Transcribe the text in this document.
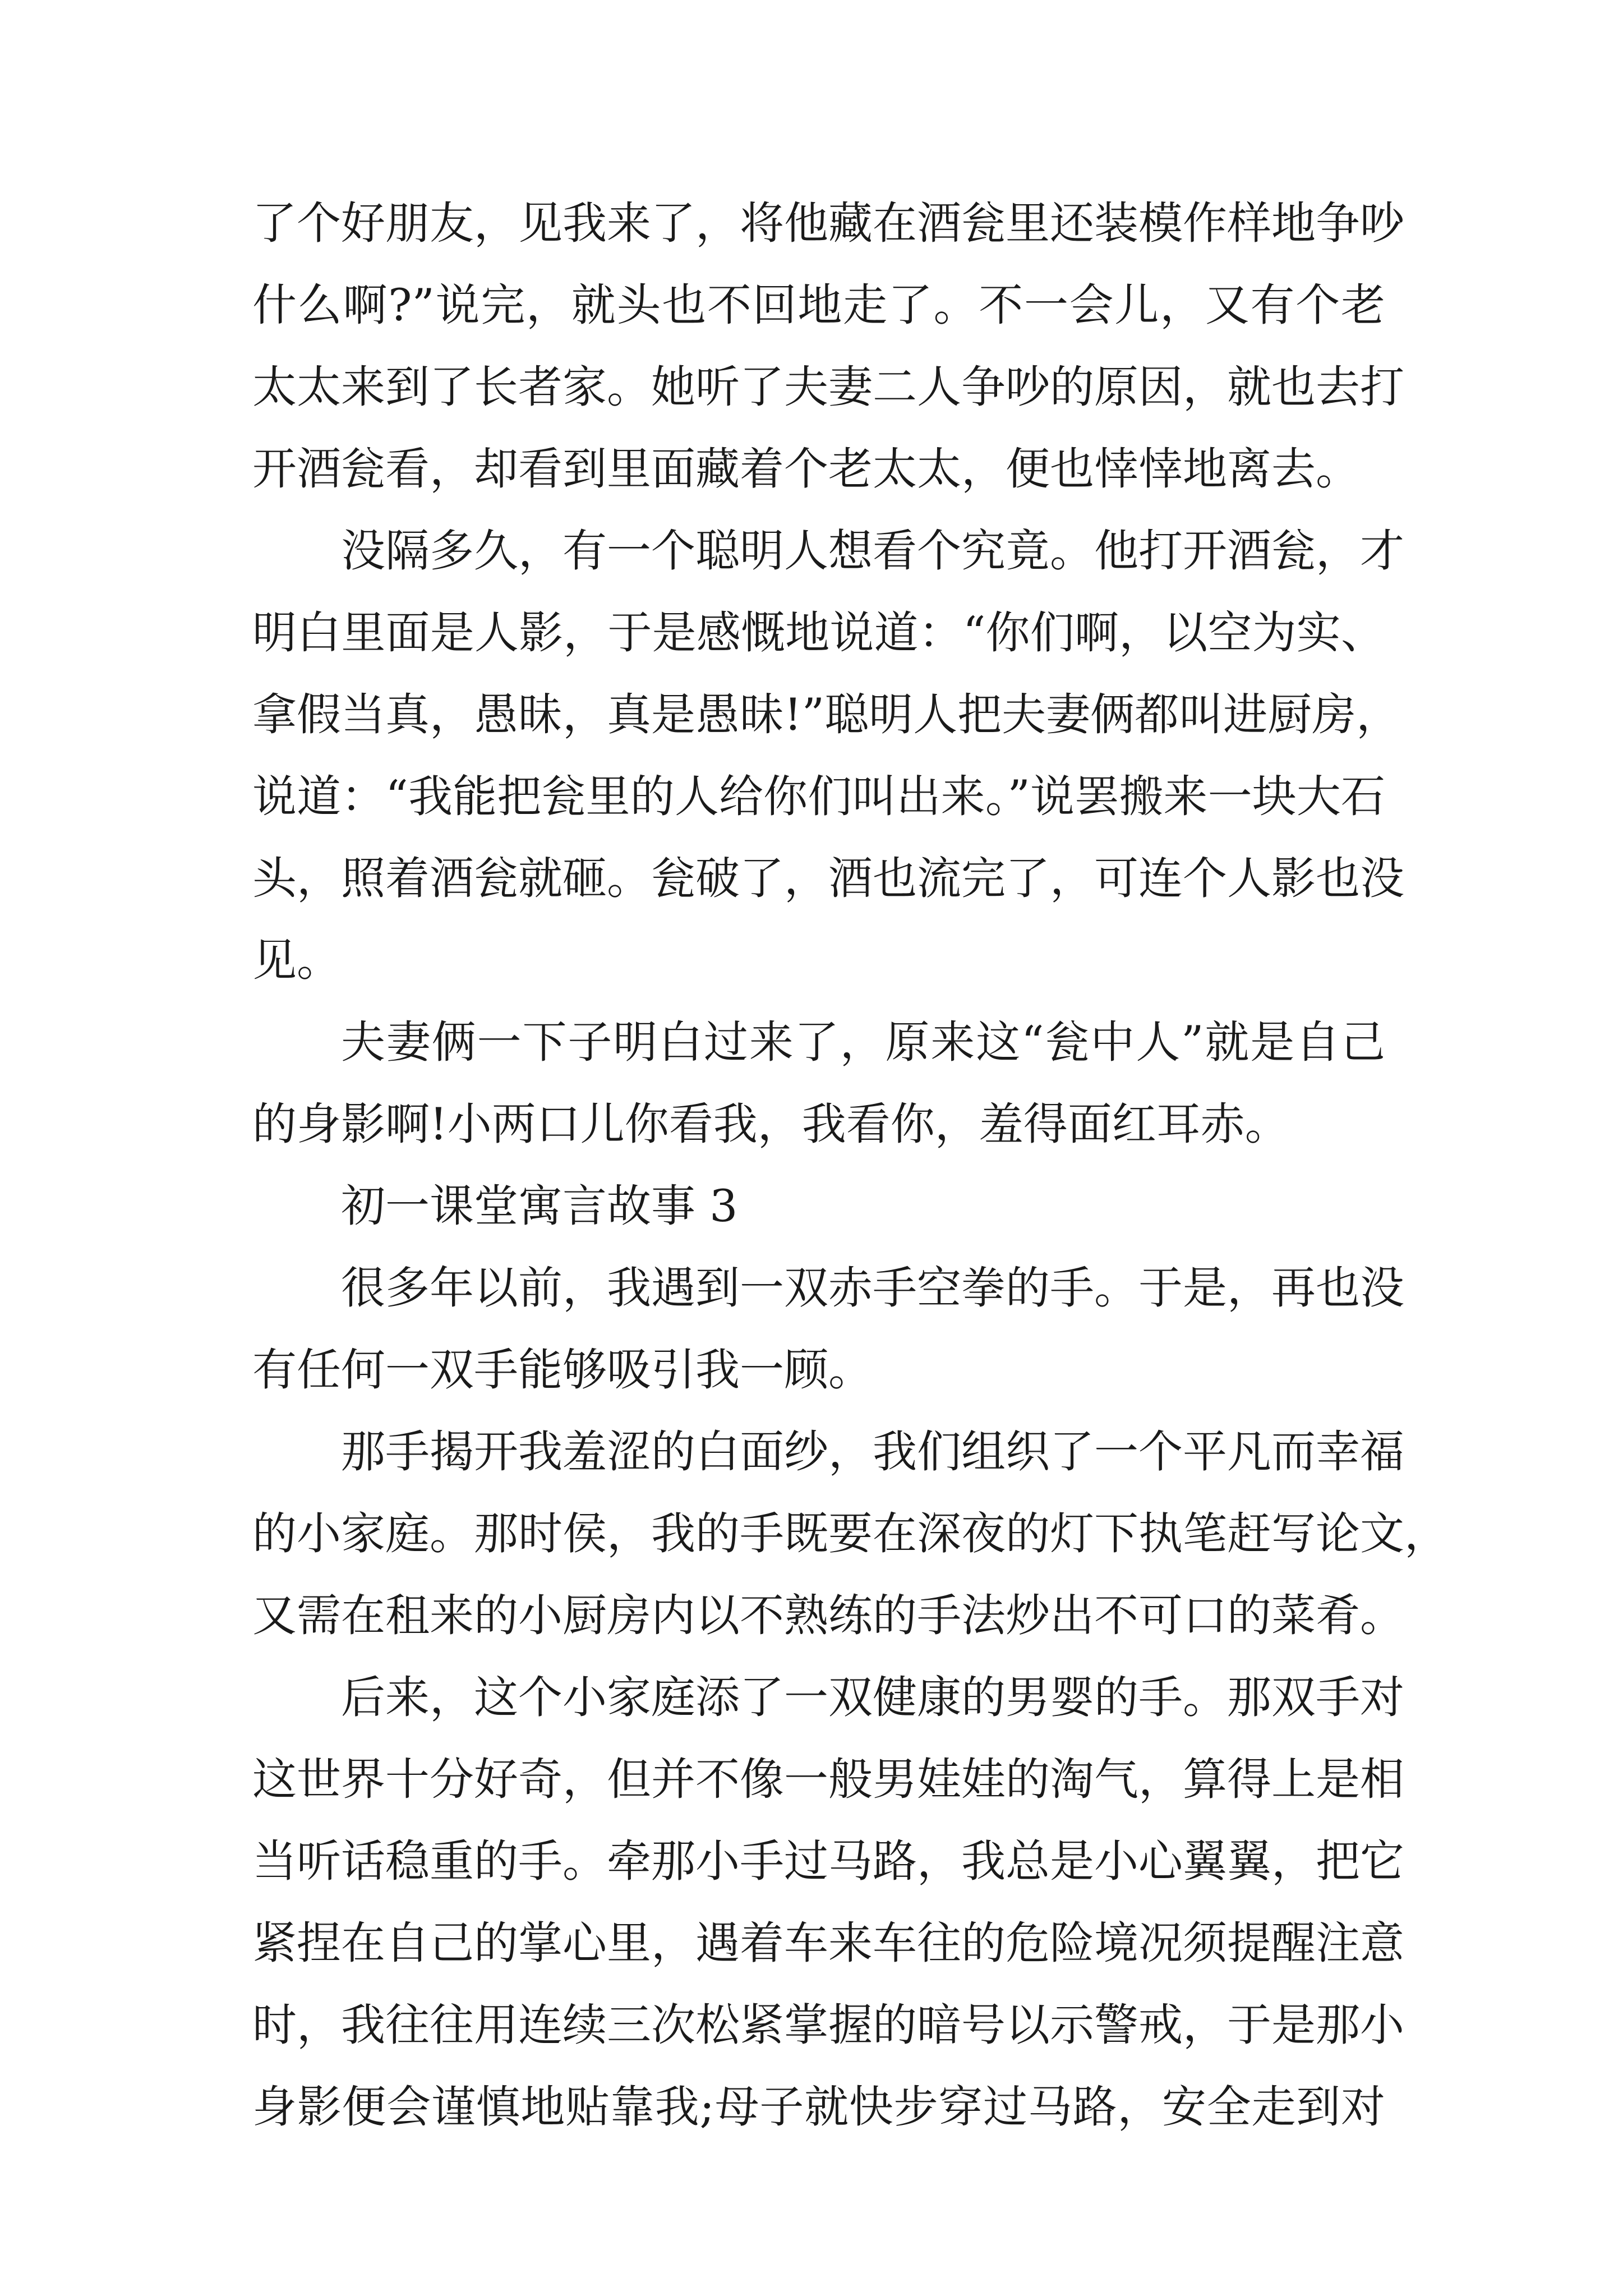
了个好朋友，见我来了，将他藏在酒瓮里还装模作样地争吵
什么啊?”说完，就头也不回地走了。不一会儿，又有个老
太太来到了长者家。她听了夫妻二人争吵的原因，就也去打
开酒瓮看，却看到里面藏着个老太太，便也悻悻地离去。
没隔多久，有一个聪明人想看个究竟。他打开酒瓮，才
明白里面是人影，于是感慨地说道：“你们啊，以空为实、
拿假当真，愚昧，真是愚昧!”聪明人把夫妻俩都叫进厨房，
说道：“我能把瓮里的人给你们叫出来。”说罢搬来一块大石
头，照着酒瓮就砸。瓮破了，酒也流完了，可连个人影也没
见。
夫妻俩一下子明白过来了，原来这“瓮中人”就是自己
的身影啊!小两口儿你看我，我看你，羞得面红耳赤。
初一课堂寓言故事 3
很多年以前，我遇到一双赤手空拳的手。于是，再也没
有任何一双手能够吸引我一顾。
那手揭开我羞涩的白面纱，我们组织了一个平凡而幸福
的小家庭。那时侯，我的手既要在深夜的灯下执笔赶写论文，
又需在租来的小厨房内以不熟练的手法炒出不可口的菜肴。
后来，这个小家庭添了一双健康的男婴的手。那双手对
这世界十分好奇，但并不像一般男娃娃的淘气，算得上是相
当听话稳重的手。牵那小手过马路，我总是小心翼翼，把它
紧捏在自己的掌心里，遇着车来车往的危险境况须提醒注意
时，我往往用连续三次松紧掌握的暗号以示警戒，于是那小
身影便会谨慎地贴靠我;母子就快步穿过马路，安全走到对
